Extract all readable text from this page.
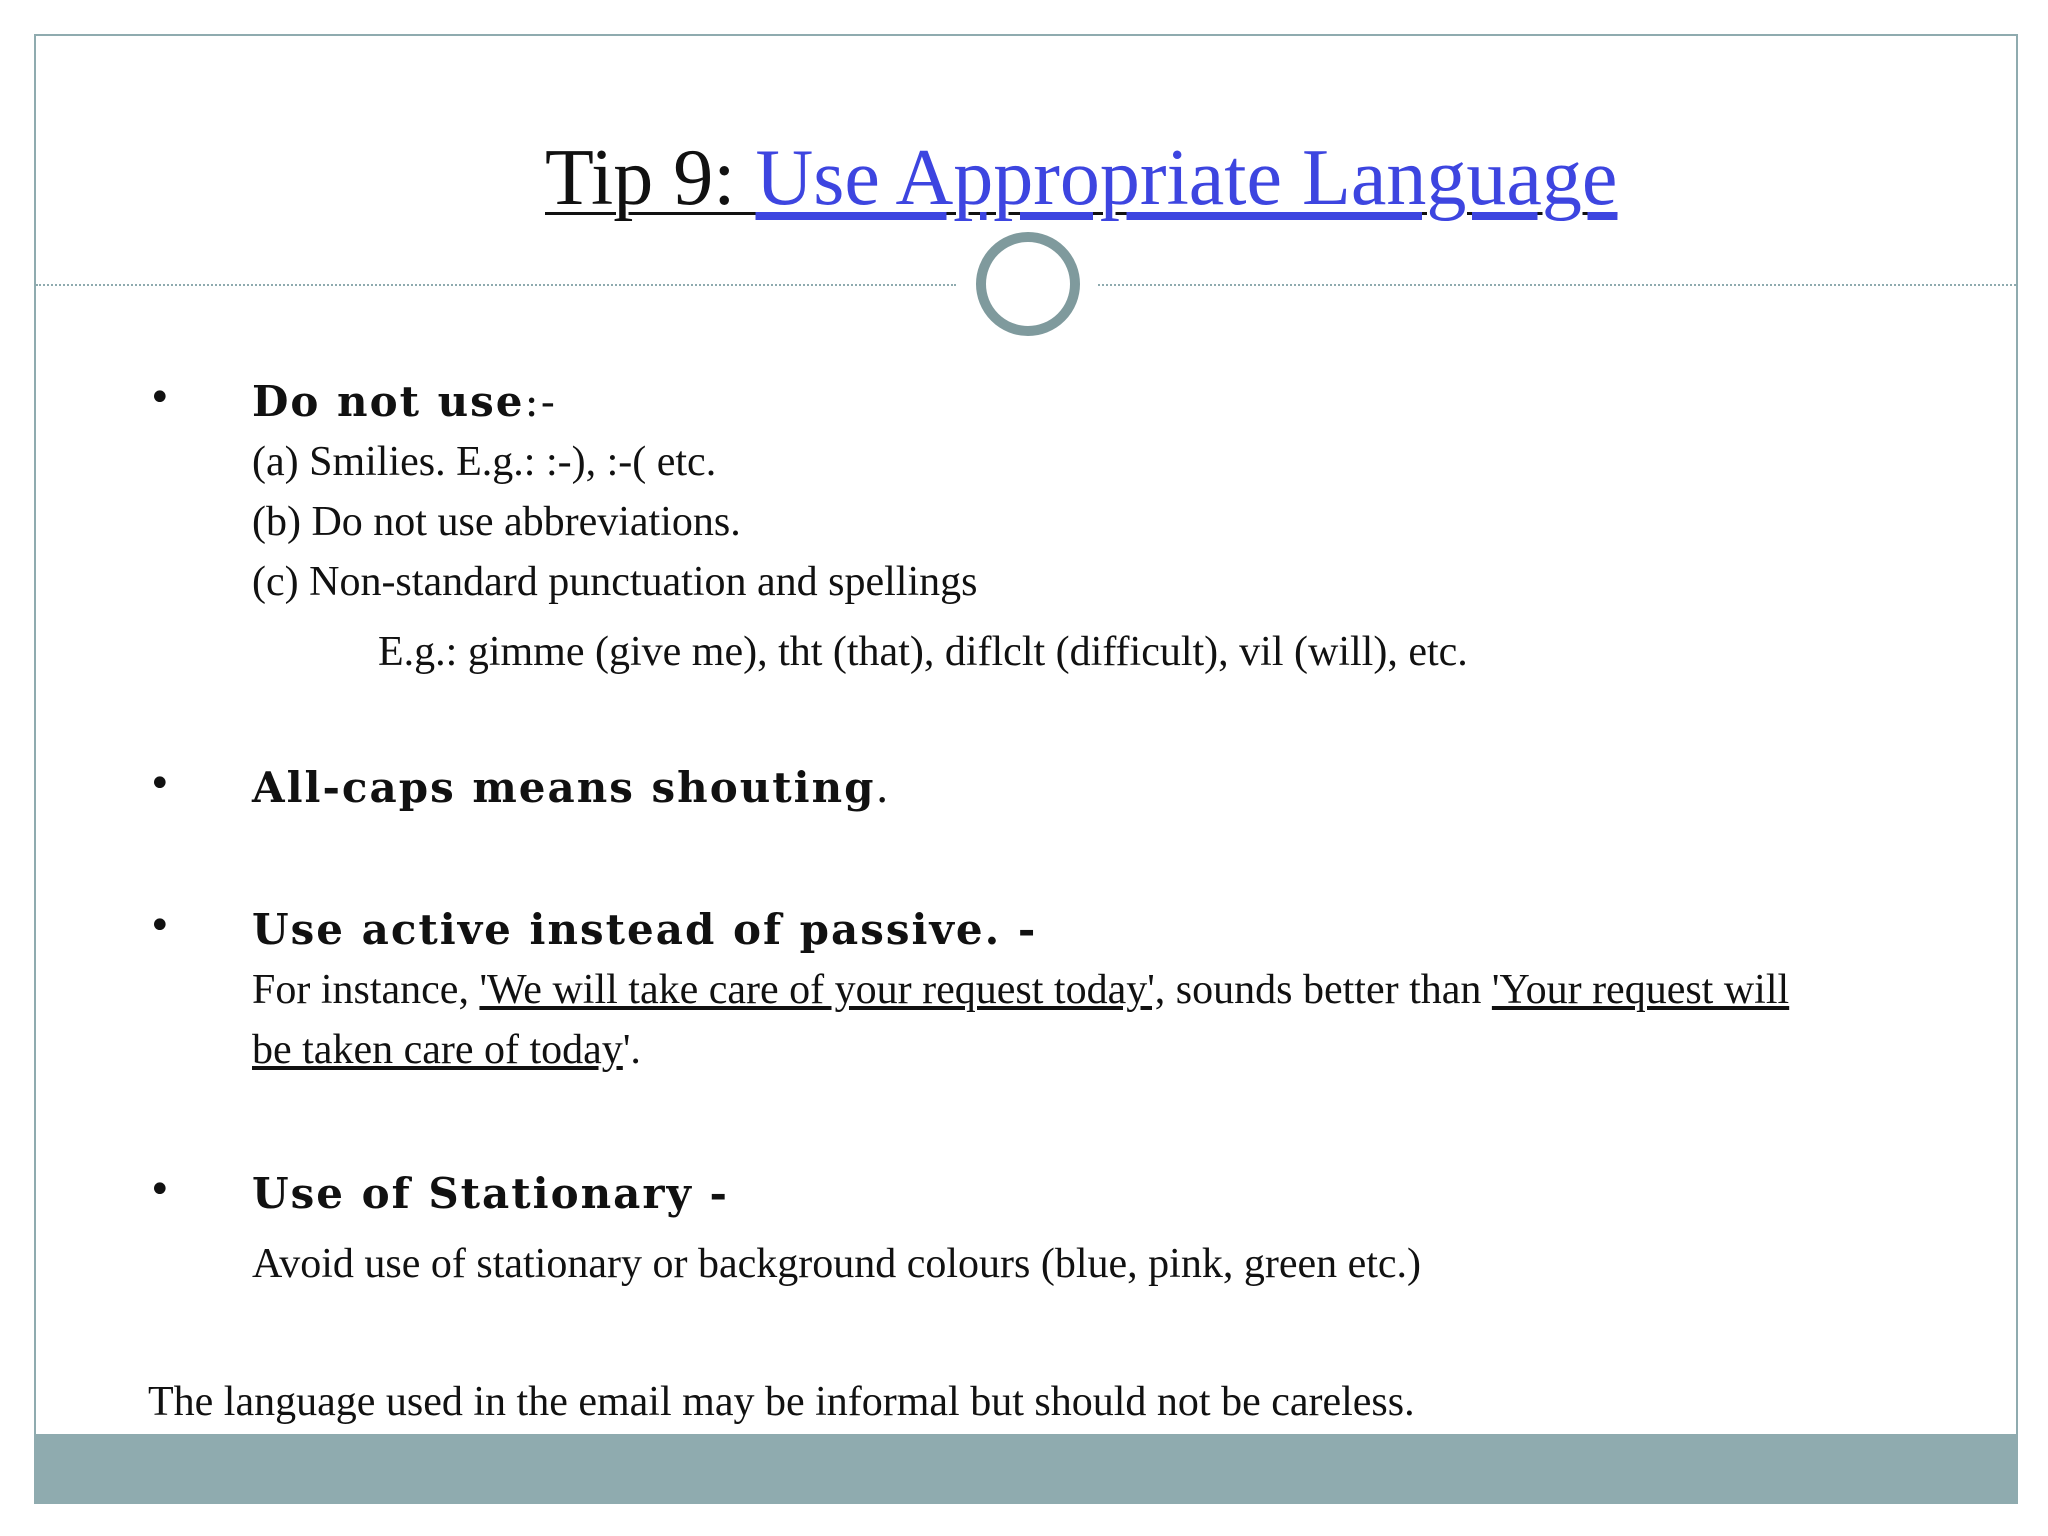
Tip 9: Use Appropriate Language
•	Do not use:-
(a) Smilies. E.g.: :-), :-( etc.
(b) Do not use abbreviations.
(c) Non-standard punctuation and spellings
E.g.: gimme (give me), tht (that), diflclt (difficult), vil (will), etc.
•	All-caps means shouting.
•	Use active instead of passive. -
For instance, 'We will take care of your request today', sounds better than 'Your request will be taken care of today'.
•	Use of Stationary -
Avoid use of stationary or background colours (blue, pink, green etc.)
The language used in the email may be informal but should not be careless.
